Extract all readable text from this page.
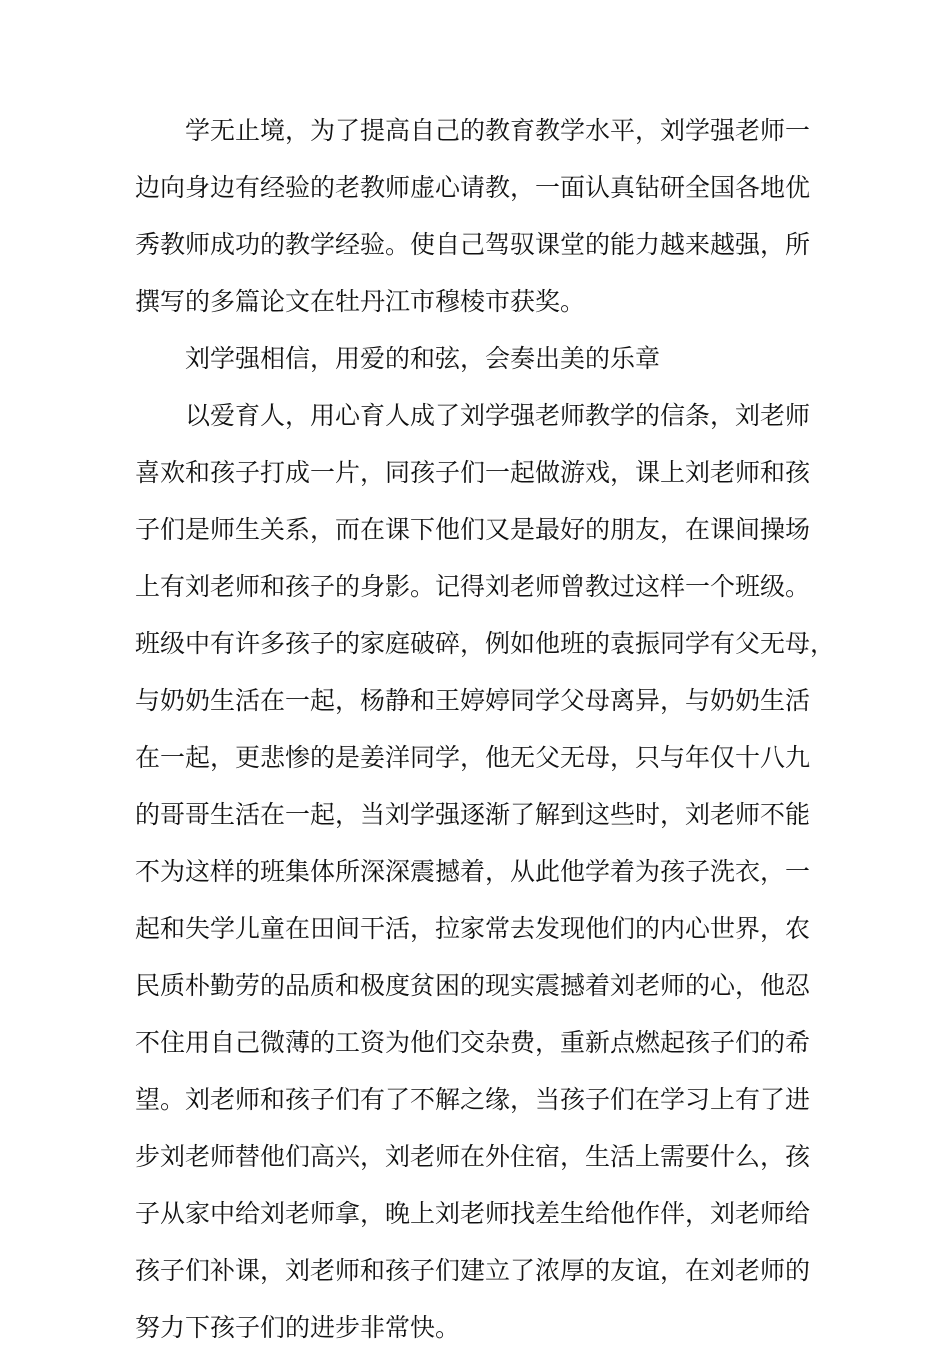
学无止境，为了提高自己的教育教学水平，刘学强老师一
边向身边有经验的老教师虚心请教，一面认真钻研全国各地优
秀教师成功的教学经验。使自己驾驭课堂的能力越来越强，所
撰写的多篇论文在牡丹江市穆棱市获奖。
刘学强相信，用爱的和弦，会奏出美的乐章
以爱育人，用心育人成了刘学强老师教学的信条，刘老师
喜欢和孩子打成一片，同孩子们一起做游戏，课上刘老师和孩
子们是师生关系，而在课下他们又是最好的朋友，在课间操场
上有刘老师和孩子的身影。记得刘老师曾教过这样一个班级。
班级中有许多孩子的家庭破碎，例如他班的袁振同学有父无母，
与奶奶生活在一起，杨静和王婷婷同学父母离异，与奶奶生活
在一起，更悲惨的是姜洋同学，他无父无母，只与年仅十八九
的哥哥生活在一起，当刘学强逐渐了解到这些时，刘老师不能
不为这样的班集体所深深震撼着，从此他学着为孩子洗衣，一
起和失学儿童在田间干活，拉家常去发现他们的内心世界，农
民质朴勤劳的品质和极度贫困的现实震撼着刘老师的心，他忍
不住用自己微薄的工资为他们交杂费，重新点燃起孩子们的希
望。刘老师和孩子们有了不解之缘，当孩子们在学习上有了进
步刘老师替他们高兴，刘老师在外住宿，生活上需要什么，孩
子从家中给刘老师拿，晚上刘老师找差生给他作伴，刘老师给
孩子们补课，刘老师和孩子们建立了浓厚的友谊，在刘老师的
努力下孩子们的进步非常快。
